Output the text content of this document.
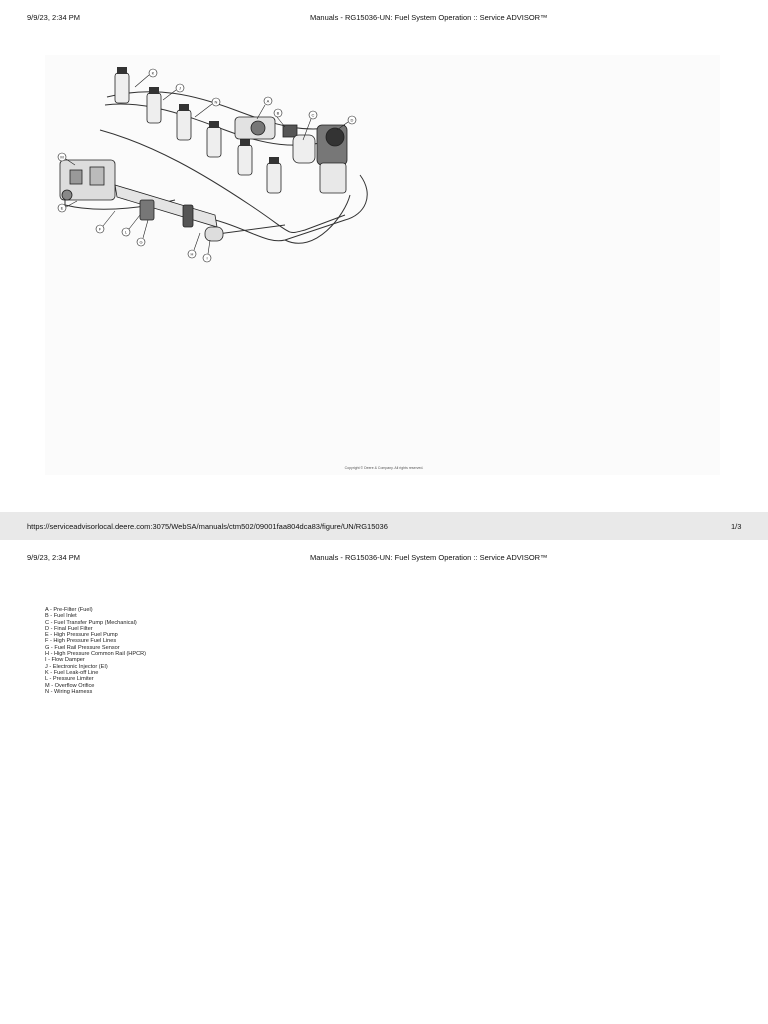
9/9/23, 2:34 PM	Manuals - RG15036-UN: Fuel System Operation :: Service ADVISOR™
K
J
N	A
B	C
D
M
E
F
L
G
H
I
Copyright © Deere & Company. All rights reserved.
https://serviceadvisorlocal.deere.com:3075/WebSA/manuals/ctm502/09001faa804dca83/figure/UN/RG15036	1/3
9/9/23, 2:34 PM	Manuals - RG15036-UN: Fuel System Operation :: Service ADVISOR™
A - Pre-Filter (Fuel)
B - Fuel Inlet
C - Fuel Transfer Pump (Mechanical)
D - Final Fuel Filter
E - High Pressure Fuel Pump
F - High Pressure Fuel Lines
G - Fuel Rail Pressure Sensor
H - High Pressure Common Rail (HPCR)
I - Flow Damper
J - Electronic Injector (EI)
K - Fuel Leak-off Line
L - Pressure Limiter
M - Overflow Orifice
N - Wiring Harness
